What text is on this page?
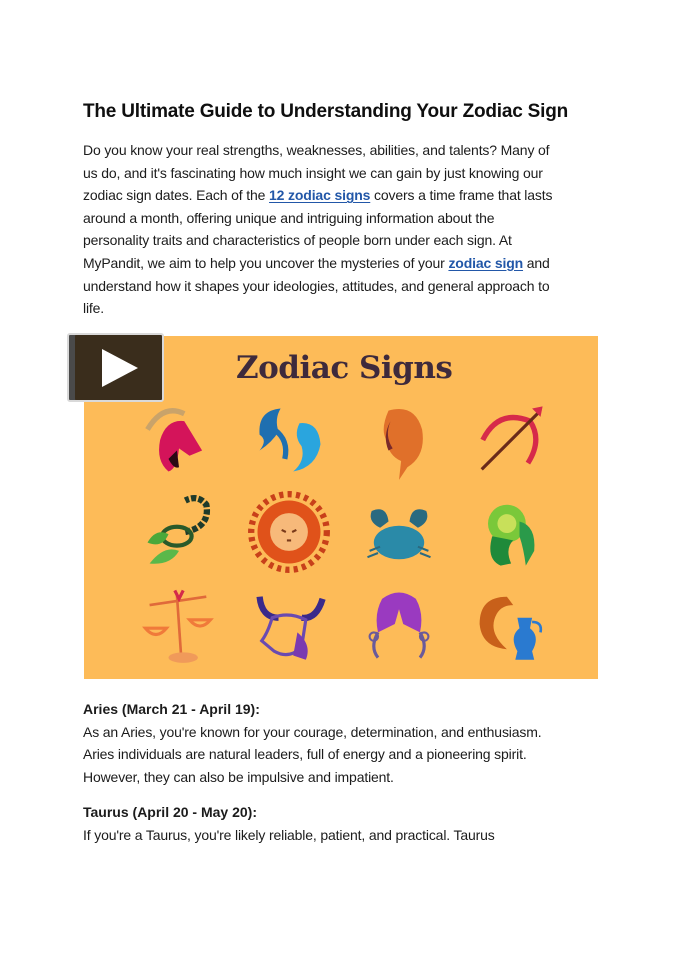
The Ultimate Guide to Understanding Your Zodiac Sign
Do you know your real strengths, weaknesses, abilities, and talents? Many of
us do, and it's fascinating how much insight we can gain by just knowing our
zodiac sign dates. Each of the 12 zodiac signs covers a time frame that lasts
around a month, offering unique and intriguing information about the
personality traits and characteristics of people born under each sign. At
MyPandit, we aim to help you uncover the mysteries of your zodiac sign and
understand how it shapes your ideologies, attitudes, and general approach to
life.
Zodiac Signs
Aries (March 21 - April 19):
As an Aries, you're known for your courage, determination, and enthusiasm.
Aries individuals are natural leaders, full of energy and a pioneering spirit.
However, they can also be impulsive and impatient.
Taurus (April 20 - May 20):
If you're a Taurus, you're likely reliable, patient, and practical. Taurus
